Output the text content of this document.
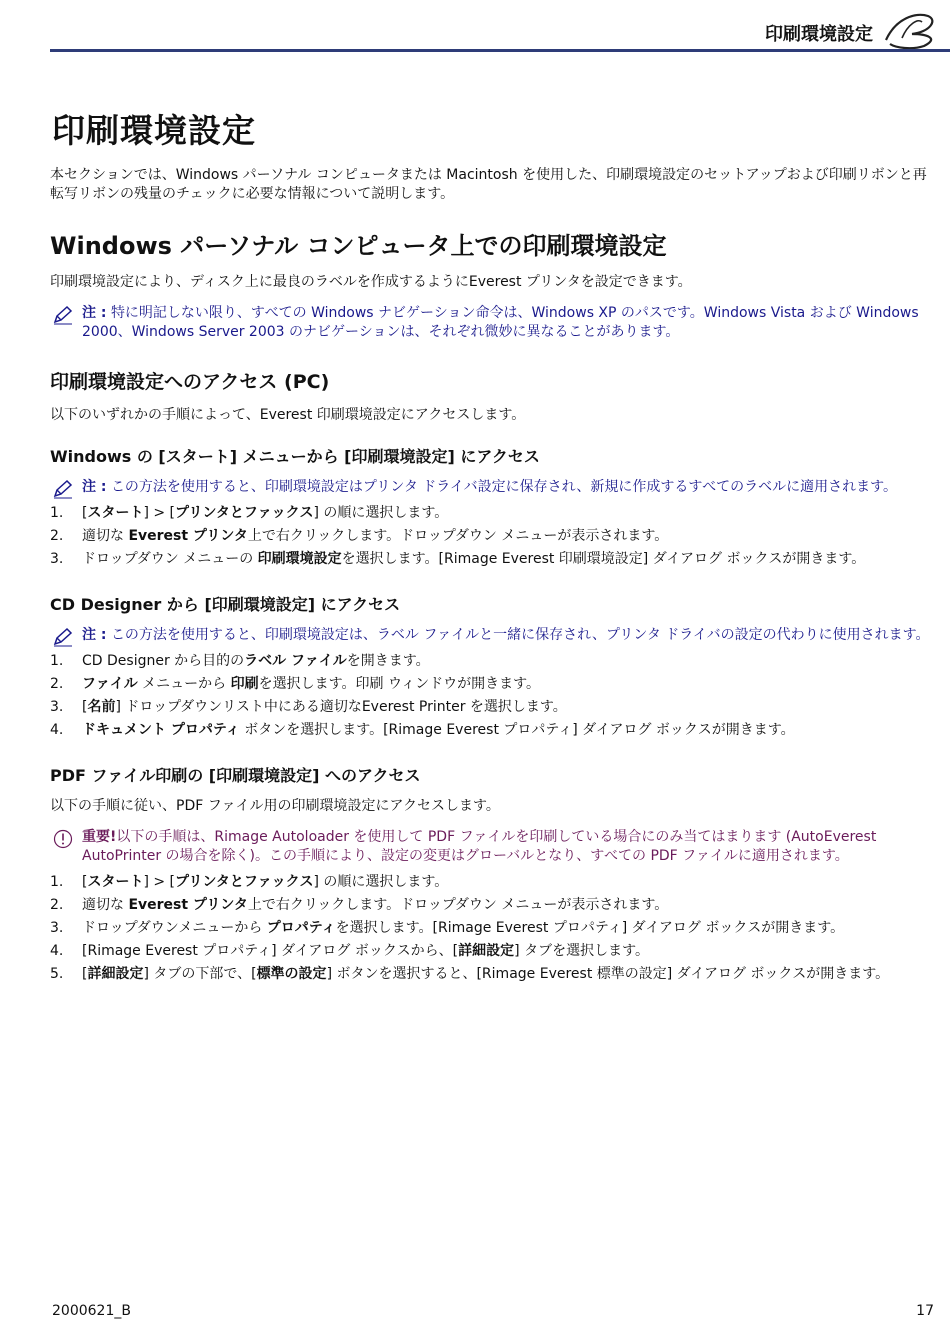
印刷環境設定
印刷環境設定

本セクションでは、Windows パーソナル コンピュータまたは Macintosh を使用した、印刷環境設定のセットアップおよび印刷リボンと再転写リボンの残量のチェックに必要な情報について説明します。

Windows パーソナル コンピュータ上での印刷環境設定

印刷環境設定により、ディスク上に最良のラベルを作成するようにEverest プリンタを設定できます。

注 : 特に明記しない限り、すべての Windows ナビゲーション命令は、Windows XP のパスです。Windows Vista および Windows 2000、Windows Server 2003 のナビゲーションは、それぞれ微妙に異なることがあります。
印刷環境設定へのアクセス (PC)

以下のいずれかの手順によって、Everest 印刷環境設定にアクセスします。

Windows の [スタート] メニューから [印刷環境設定] にアクセス
注 : この方法を使用すると、印刷環境設定はプリンタ ドライバ設定に保存され、新規に作成するすべてのラベルに適用されます。
1. [スタート] > [プリンタとファックス] の順に選択します。
2. 適切な Everest プリンタ上で右クリックします。ドロップダウン メニューが表示されます。
3. ドロップダウン メニューの 印刷環境設定を選択します。[Rimage Everest 印刷環境設定] ダイアログ ボックスが開きます。
CD Designer から [印刷環境設定] にアクセス
注 : この方法を使用すると、印刷環境設定は、ラベル ファイルと一緒に保存され、プリンタ ドライバの設定の代わりに使用されます。
1. CD Designer から目的のラベル ファイルを開きます。
2. ファイル メニューから 印刷を選択します。印刷 ウィンドウが開きます。
3. [名前] ドロップダウンリスト中にある適切なEverest Printer を選択します。
4. ドキュメント プロパティ ボタンを選択します。[Rimage Everest プロパティ] ダイアログ ボックスが開きます。
PDF ファイル印刷の [印刷環境設定] へのアクセス

以下の手順に従い、PDF ファイル用の印刷環境設定にアクセスします。

重要!以下の手順は、Rimage Autoloader を使用して PDF ファイルを印刷している場合にのみ当てはまります (AutoEverest AutoPrinter の場合を除く)。この手順により、設定の変更はグローバルとなり、すべての PDF ファイルに適用されます。
1. [スタート] > [プリンタとファックス] の順に選択します。
2. 適切な Everest プリンタ上で右クリックします。ドロップダウン メニューが表示されます。
3. ドロップダウンメニューから プロパティを選択します。[Rimage Everest プロパティ] ダイアログ ボックスが開きます。
4. [Rimage Everest プロパティ] ダイアログ ボックスから、[詳細設定] タブを選択します。
5. [詳細設定] タブの下部で、[標準の設定] ボタンを選択すると、[Rimage Everest 標準の設定] ダイアログ ボックスが開きます。
2000621_B	17
